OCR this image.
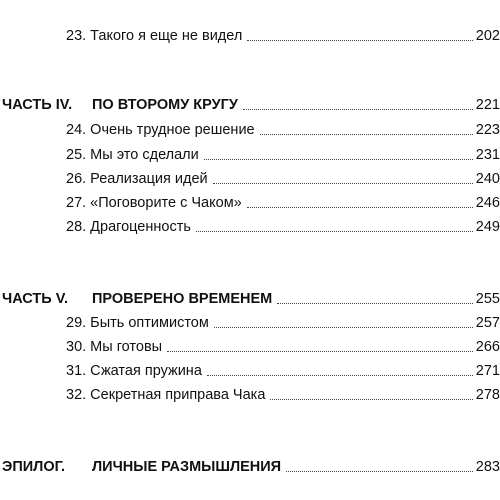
23. Такого я еще не видел	202
ЧАСТЬ IV.	ПО ВТОРОМУ КРУГУ	221
24. Очень трудное решение	223
25. Мы это сделали	231
26. Реализация идей	240
27. «Поговорите с Чаком»	246
28. Драгоценность	249
ЧАСТЬ V.	ПРОВЕРЕНО ВРЕМЕНЕМ	255
29. Быть оптимистом	257
30. Мы готовы	266
31. Сжатая пружина	271
32. Секретная приправа Чака	278
ЭПИЛОГ.	ЛИЧНЫЕ РАЗМЫШЛЕНИЯ	283
